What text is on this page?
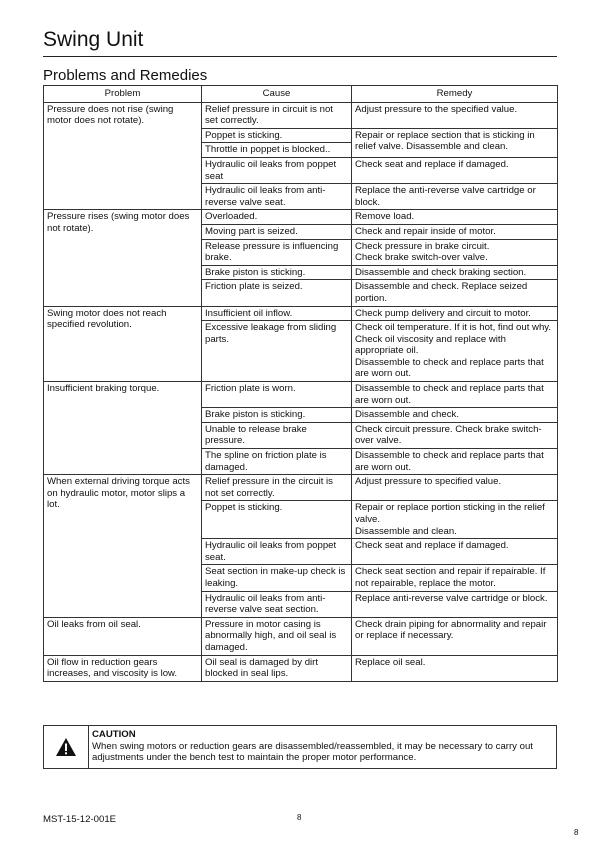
Swing Unit
Problems and Remedies
Problem	Cause	Remedy
Pressure does not rise (swing motor does not rotate).	Relief pressure in circuit is not set correctly.	Adjust pressure to the specified value.
	Poppet is sticking.	Repair or replace section that is sticking in relief valve. Disassemble and clean.
	Throttle in poppet is blocked..	
	Hydraulic oil leaks from poppet seat	Check seat and replace if damaged.
	Hydraulic oil leaks from anti-reverse valve seat.	Replace the anti-reverse valve cartridge or block.
Pressure rises (swing motor does not rotate).	Overloaded.	Remove load.
	Moving part is seized.	Check and repair inside of motor.
	Release pressure is influencing brake.	Check pressure in brake circuit.
Check brake switch-over valve.
	Brake piston is sticking.	Disassemble and check braking section.
	Friction plate is seized.	Disassemble and check. Replace seized portion.
Swing motor does not reach specified revolution.	Insufficient oil inflow.	Check pump delivery and circuit to motor.
	Excessive leakage from sliding parts.	Check oil temperature. If it is hot, find out why.
Check oil viscosity and replace with appropriate oil.
Disassemble to check and replace parts that are worn out.
Insufficient braking torque.	Friction plate is worn.	Disassemble to check and replace parts that are worn out.
	Brake piston is sticking.	Disassemble and check.
	Unable to release brake pressure.	Check circuit pressure. Check brake switch-over valve.
	The spline on friction plate is damaged.	Disassemble to check and replace parts that are worn out.
When external driving torque acts on hydraulic motor, motor slips a lot.	Relief pressure in the circuit is not set correctly.	Adjust pressure to specified value.
	Poppet is sticking.	Repair or replace portion sticking in the relief valve.
Disassemble and clean.
	Hydraulic oil leaks from poppet seat.	Check seat and replace if damaged.
	Seat section in make-up check is leaking.	Check seat section and repair if repairable. If not repairable, replace the motor.
	Hydraulic oil leaks from anti-reverse valve seat section.	Replace anti-reverse valve cartridge or block.
Oil leaks from oil seal.	Pressure in motor casing is abnormally high, and oil seal is damaged.	Check drain piping for abnormality and repair or replace if necessary.
Oil flow in reduction gears increases, and viscosity is low.	Oil seal is damaged by dirt blocked in seal lips.	Replace oil seal.
CAUTION
When swing motors or reduction gears are disassembled/reassembled, it may be necessary to carry out adjustments under the bench test to maintain the proper motor performance.
MST-15-12-001E	8
8
